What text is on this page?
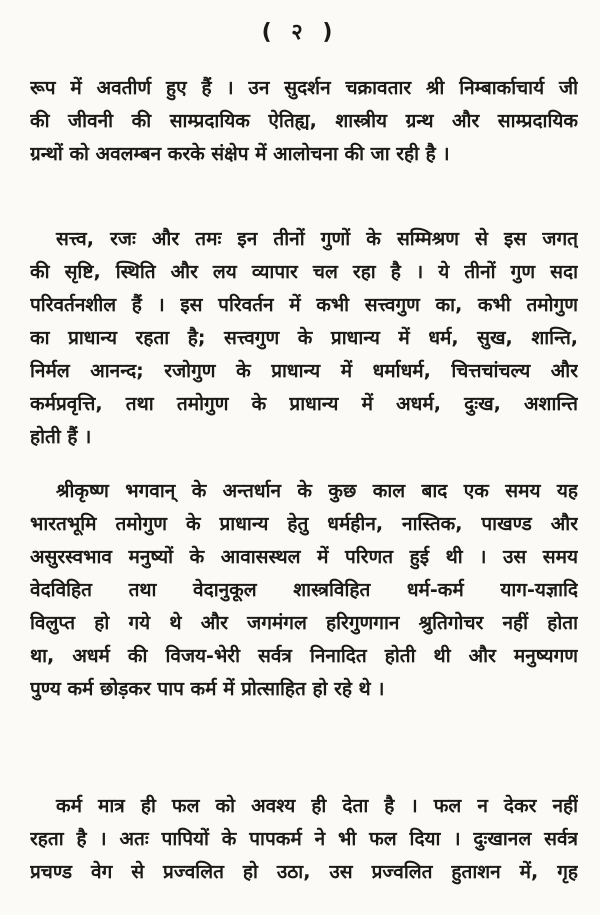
( २ )
रूप में अवतीर्ण हुए हैं । उन सुदर्शन चक्रावतार श्री निम्बार्काचार्य जी
की जीवनी की साम्प्रदायिक ऐतिह्य, शास्त्रीय ग्रन्थ और साम्प्रदायिक
ग्रन्थों को अवलम्बन करके संक्षेप में आलोचना की जा रही है ।
सत्त्व, रजः और तमः इन तीनों गुणों के सम्मिश्रण से इस जगत्
की सृष्टि, स्थिति और लय व्यापार चल रहा है । ये तीनों गुण सदा
परिवर्तनशील हैं । इस परिवर्तन में कभी सत्त्वगुण का, कभी तमोगुण
का प्राधान्य रहता है; सत्त्वगुण के प्राधान्य में धर्म, सुख, शान्ति,
निर्मल आनन्द; रजोगुण के प्राधान्य में धर्माधर्म, चित्तचांचल्य और
कर्मप्रवृत्ति, तथा तमोगुण के प्राधान्य में अधर्म, दुःख, अशान्ति
होती हैं ।
श्रीकृष्ण भगवान् के अन्तर्धान के कुछ काल बाद एक समय यह
भारतभूमि तमोगुण के प्राधान्य हेतु धर्महीन, नास्तिक, पाखण्ड और
असुरस्वभाव मनुष्यों के आवासस्थल में परिणत हुई थी । उस समय
वेदविहित तथा वेदानुकूल शास्त्रविहित धर्म-कर्म याग-यज्ञादि
विलुप्त हो गये थे और जगमंगल हरिगुणगान श्रुतिगोचर नहीं होता
था, अधर्म की विजय-भेरी सर्वत्र निनादित होती थी और मनुष्यगण
पुण्य कर्म छोड़कर पाप कर्म में प्रोत्साहित हो रहे थे ।
कर्म मात्र ही फल को अवश्य ही देता है । फल न देकर नहीं
रहता है । अतः पापियों के पापकर्म ने भी फल दिया । दुःखानल सर्वत्र
प्रचण्ड वेग से प्रज्वलित हो उठा, उस प्रज्वलित हुताशन में, गृह
